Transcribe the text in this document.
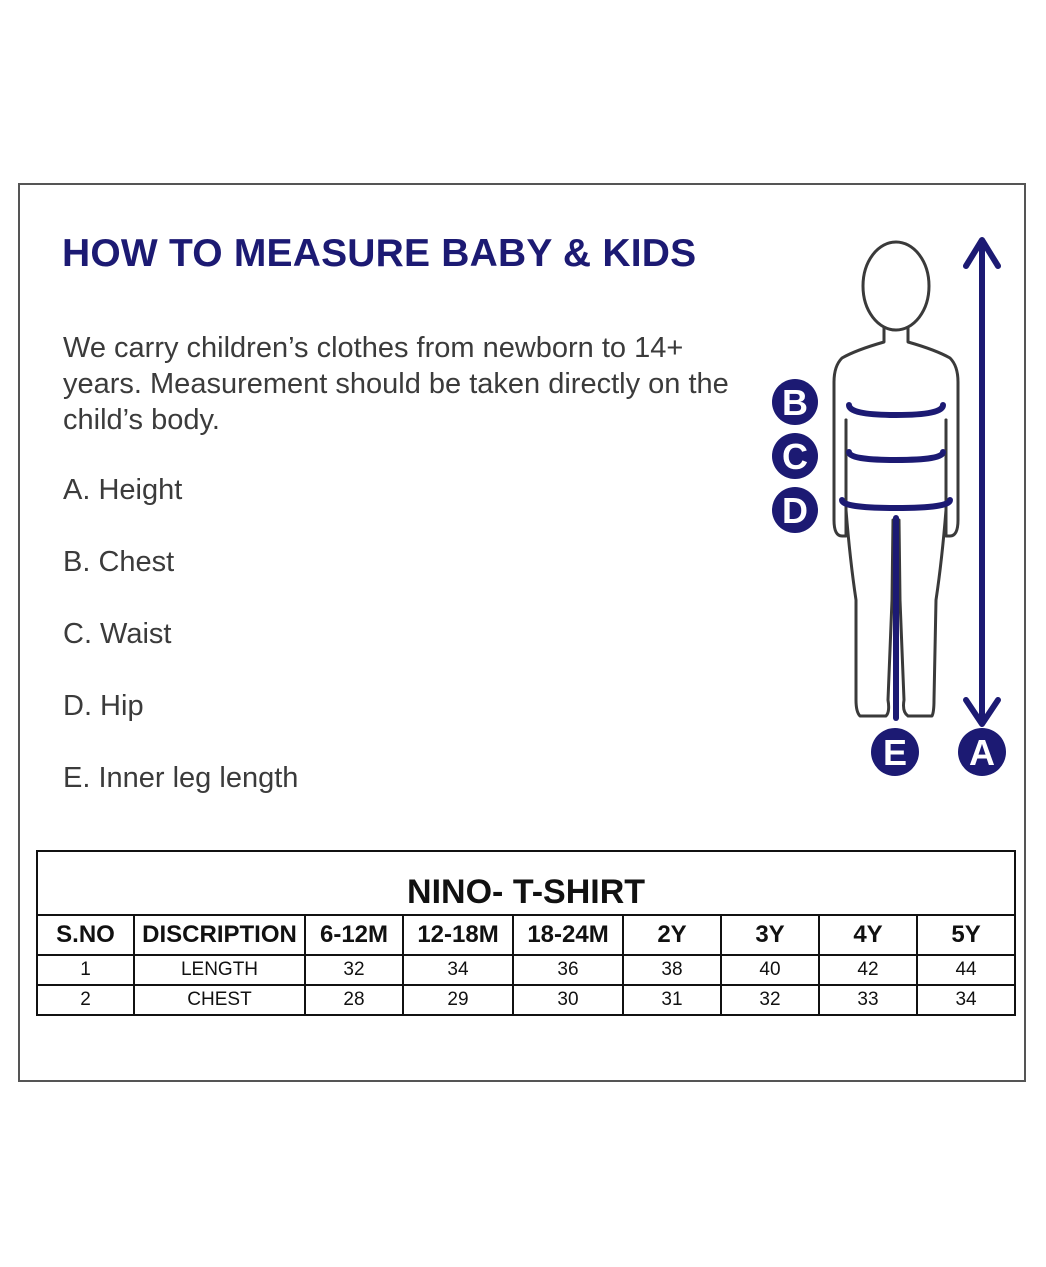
HOW TO MEASURE BABY & KIDS

We carry children’s clothes from newborn to 14+ years. Measurement should be taken directly on the child’s body.

A. Height

B. Chest

C. Waist

D. Hip

E. Inner leg length

B
C
D
E A
NINO- T-SHIRT								
S.NO	DISCRIPTION	6-12M	12-18M	18-24M	2Y	3Y	4Y	5Y
1	LENGTH	32	34	36	38	40	42	44
2	CHEST	28	29	30	31	32	33	34
